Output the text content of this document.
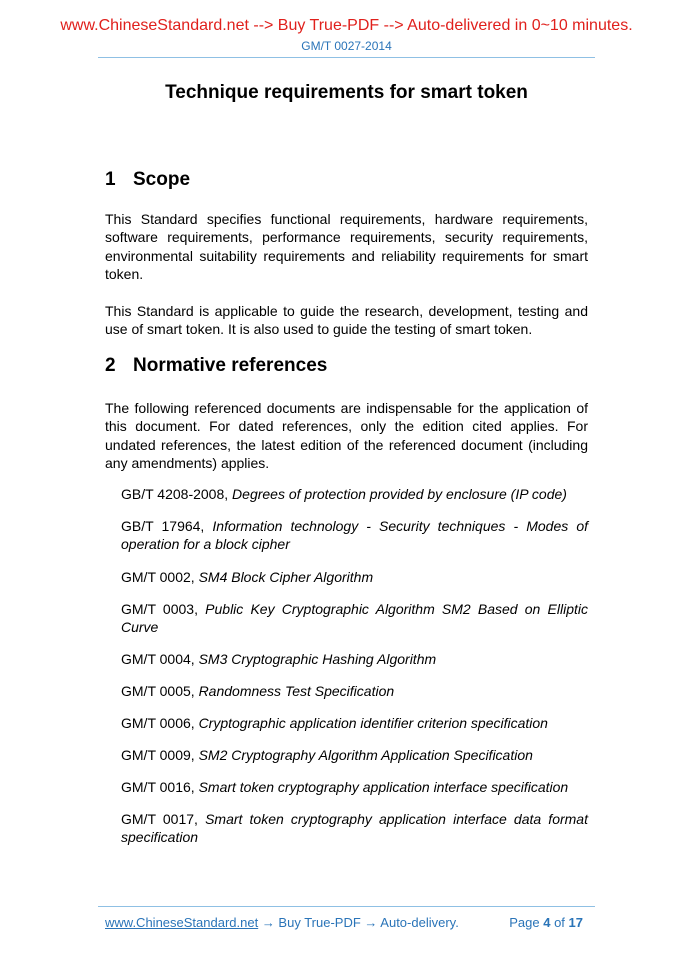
www.ChineseStandard.net --> Buy True-PDF --> Auto-delivered in 0~10 minutes.
GM/T 0027-2014
Technique requirements for smart token
1 Scope
This Standard specifies functional requirements, hardware requirements, software requirements, performance requirements, security requirements, environmental suitability requirements and reliability requirements for smart token.
This Standard is applicable to guide the research, development, testing and use of smart token. It is also used to guide the testing of smart token.
2 Normative references
The following referenced documents are indispensable for the application of this document. For dated references, only the edition cited applies. For undated references, the latest edition of the referenced document (including any amendments) applies.
GB/T 4208-2008, Degrees of protection provided by enclosure (IP code)
GB/T 17964, Information technology - Security techniques - Modes of operation for a block cipher
GM/T 0002, SM4 Block Cipher Algorithm
GM/T 0003, Public Key Cryptographic Algorithm SM2 Based on Elliptic Curve
GM/T 0004, SM3 Cryptographic Hashing Algorithm
GM/T 0005, Randomness Test Specification
GM/T 0006, Cryptographic application identifier criterion specification
GM/T 0009, SM2 Cryptography Algorithm Application Specification
GM/T 0016, Smart token cryptography application interface specification
GM/T 0017, Smart token cryptography application interface data format specification
www.ChineseStandard.net → Buy True-PDF → Auto-delivery.	Page 4 of 17
